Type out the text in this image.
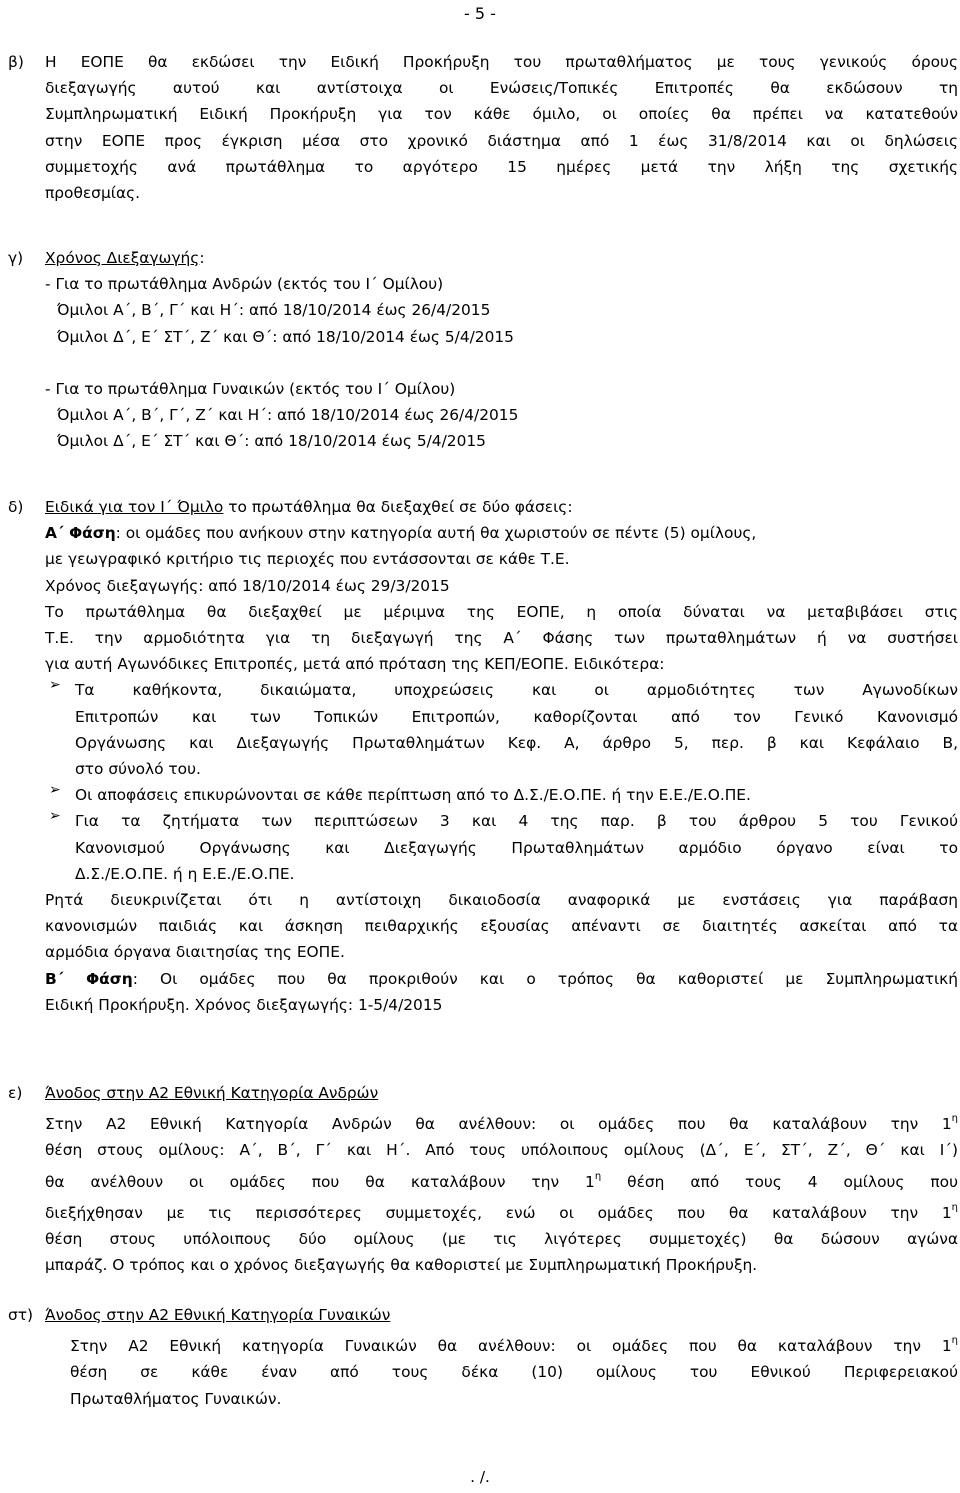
- 5 -
β) Η ΕΟΠΕ θα εκδώσει την Ειδική Προκήρυξη του πρωταθλήματος με τους γενικούς όρους
διεξαγωγής αυτού και αντίστοιχα οι Ενώσεις/Τοπικές Επιτροπές θα εκδώσουν τη
Συμπληρωματική Ειδική Προκήρυξη για τον κάθε όμιλο, οι οποίες θα πρέπει να κατατεθούν
στην ΕΟΠΕ προς έγκριση μέσα στο χρονικό διάστημα από 1 έως 31/8/2014 και οι δηλώσεις
συμμετοχής ανά πρωτάθλημα το αργότερο 15 ημέρες μετά την λήξη της σχετικής
προθεσμίας.
γ) Χρόνος Διεξαγωγής:
- Για το πρωτάθλημα Ανδρών (εκτός του Ι΄ Ομίλου)
Όμιλοι Α΄, Β΄, Γ΄ και Η΄: από 18/10/2014 έως 26/4/2015
Όμιλοι Δ΄, Ε΄ ΣΤ΄, Ζ΄ και Θ΄: από 18/10/2014 έως 5/4/2015
- Για το πρωτάθλημα Γυναικών (εκτός του Ι΄ Ομίλου)
Όμιλοι Α΄, Β΄, Γ΄, Ζ΄ και Η΄: από 18/10/2014 έως 26/4/2015
Όμιλοι Δ΄, Ε΄ ΣΤ΄ και Θ΄: από 18/10/2014 έως 5/4/2015
δ) Ειδικά για τον Ι΄ Όμιλο το πρωτάθλημα θα διεξαχθεί σε δύο φάσεις:
Α΄ Φάση: οι ομάδες που ανήκουν στην κατηγορία αυτή θα χωριστούν σε πέντε (5) ομίλους,
με γεωγραφικό κριτήριο τις περιοχές που εντάσσονται σε κάθε Τ.Ε.
Χρόνος διεξαγωγής: από 18/10/2014 έως 29/3/2015
Το πρωτάθλημα θα διεξαχθεί με μέριμνα της ΕΟΠΕ, η οποία δύναται να μεταβιβάσει στις
Τ.Ε. την αρμοδιότητα για τη διεξαγωγή της Α΄ Φάσης των πρωταθλημάτων ή να συστήσει
για αυτή Αγωνόδικες Επιτροπές, μετά από πρόταση της ΚΕΠ/ΕΟΠΕ. Ειδικότερα:
➢ Τα καθήκοντα, δικαιώματα, υποχρεώσεις και οι αρμοδιότητες των Αγωνοδίκων
Επιτροπών και των Τοπικών Επιτροπών, καθορίζονται από τον Γενικό Κανονισμό
Οργάνωσης και Διεξαγωγής Πρωταθλημάτων Κεφ. Α, άρθρο 5, περ. β και Κεφάλαιο Β,
στο σύνολό του.
➢ Οι αποφάσεις επικυρώνονται σε κάθε περίπτωση από το Δ.Σ./Ε.Ο.ΠΕ. ή την Ε.Ε./Ε.Ο.ΠΕ.
➢ Για τα ζητήματα των περιπτώσεων 3 και 4 της παρ. β του άρθρου 5 του Γενικού
Κανονισμού Οργάνωσης και Διεξαγωγής Πρωταθλημάτων αρμόδιο όργανο είναι το
Δ.Σ./Ε.Ο.ΠΕ. ή η Ε.Ε./Ε.Ο.ΠΕ.
Ρητά διευκρινίζεται ότι η αντίστοιχη δικαιοδοσία αναφορικά με ενστάσεις για παράβαση
κανονισμών παιδιάς και άσκηση πειθαρχικής εξουσίας απέναντι σε διαιτητές ασκείται από τα
αρμόδια όργανα διαιτησίας της ΕΟΠΕ.
Β΄ Φάση: Οι ομάδες που θα προκριθούν και ο τρόπος θα καθοριστεί με Συμπληρωματική
Ειδική Προκήρυξη. Χρόνος διεξαγωγής: 1-5/4/2015
ε) Άνοδος στην Α2 Εθνική Κατηγορία Ανδρών
Στην Α2 Εθνική Κατηγορία Ανδρών θα ανέλθουν: οι ομάδες που θα καταλάβουν την $1^\eta$
θέση στους ομίλους: Α΄, Β΄, Γ΄ και Η΄. Από τους υπόλοιπους ομίλους (Δ΄, Ε΄, ΣΤ΄, Ζ΄, Θ΄ και Ι΄)
θα ανέλθουν οι ομάδες που θα καταλάβουν την $1^\eta$ θέση από τους 4 ομίλους που
διεξήχθησαν με τις περισσότερες συμμετοχές, ενώ οι ομάδες που θα καταλάβουν την $1^\eta$
θέση στους υπόλοιπους δύο ομίλους (με τις λιγότερες συμμετοχές) θα δώσουν αγώνα
μπαράζ. Ο τρόπος και ο χρόνος διεξαγωγής θα καθοριστεί με Συμπληρωματική Προκήρυξη.
στ) Άνοδος στην Α2 Εθνική Κατηγορία Γυναικών
Στην Α2 Εθνική κατηγορία Γυναικών θα ανέλθουν: οι ομάδες που θα καταλάβουν την $1^\eta$
θέση σε κάθε έναν από τους δέκα (10) ομίλους του Εθνικού Περιφερειακού
Πρωταθλήματος Γυναικών.
. /.
